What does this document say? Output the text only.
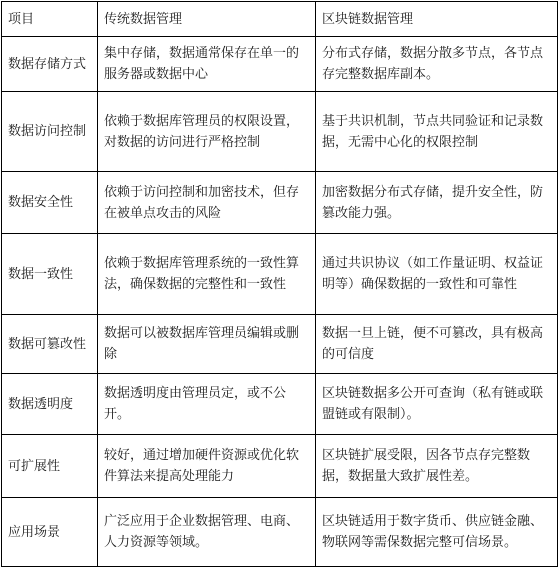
项目	传统数据管理	区块链数据管理
数据存储方式	集中存储，数据通常保存在单一的服务器或数据中心	分布式存储，数据分散多节点，各节点存完整数据库副本。
数据访问控制	依赖于数据库管理员的权限设置，对数据的访问进行严格控制	基于共识机制，节点共同验证和记录数据，无需中心化的权限控制
数据安全性	依赖于访问控制和加密技术，但存在被单点攻击的风险	加密数据分布式存储，提升安全性，防篡改能力强。
数据一致性	依赖于数据库管理系统的一致性算法，确保数据的完整性和一致性	通过共识协议（如工作量证明、权益证明等）确保数据的一致性和可靠性
数据可篡改性	数据可以被数据库管理员编辑或删除	数据一旦上链，便不可篡改，具有极高的可信度
数据透明度	数据透明度由管理员定，或不公开。	区块链数据多公开可查询（私有链或联盟链或有限制）。
可扩展性	较好，通过增加硬件资源或优化软件算法来提高处理能力	区块链扩展受限，因各节点存完整数据，数据量大致扩展性差。
应用场景	广泛应用于企业数据管理、电商、人力资源等领域。	区块链适用于数字货币、供应链金融、物联网等需保数据完整可信场景。
